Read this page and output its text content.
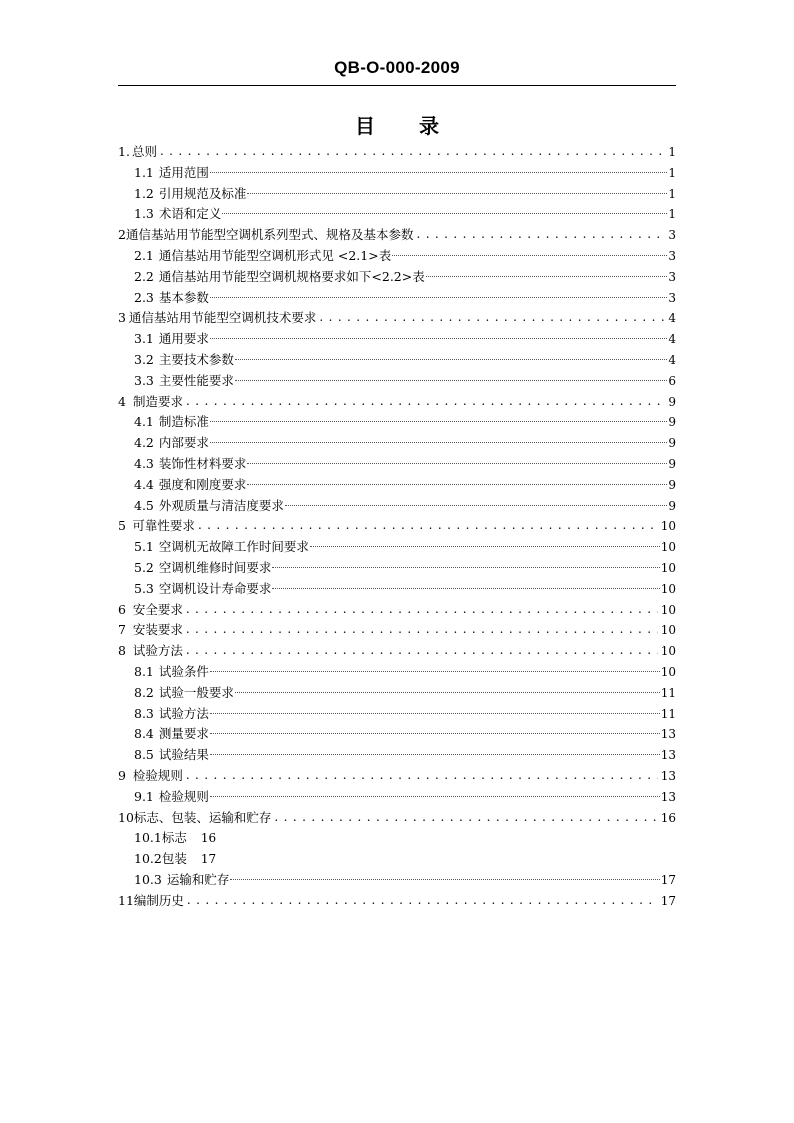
QB-O-000-2009
目 录
1. 总则 . . .	1
1.1 适用范围	1
1.2 引用规范及标准	1
1.3 术语和定义	1
2 通信基站用节能型空调机系列型式、规格及基本参数 . . .	3
2.1 通信基站用节能型空调机形式见 <2.1>表	3
2.2 通信基站用节能型空调机规格要求如下<2.2>表	3
2.3 基本参数	3
3 通信基站用节能型空调机技术要求 . . .	4
3.1 通用要求	4
3.2 主要技术参数	4
3.3 主要性能要求	6
4 制造要求 . . .	9
4.1 制造标准	9
4.2 内部要求	9
4.3 装饰性材料要求	9
4.4 强度和刚度要求	9
4.5 外观质量与清洁度要求	9
5 可靠性要求 . . .	10
5.1 空调机无故障工作时间要求	10
5.2 空调机维修时间要求	10
5.3 空调机设计寿命要求	10
6 安全要求 . . .	10
7 安装要求 . . .	10
8 试验方法 . . .	10
8.1 试验条件	10
8.2 试验一般要求	11
8.3 试验方法	11
8.4 测量要求	13
8.5 试验结果	13
9 检验规则 . . .	13
9.1 检验规则	13
10 标志、包装、运输和贮存 . . .	16
10.1 标志 16
10.2 包装 17
10.3 运输和贮存	17
11 编制历史 . . .	17
